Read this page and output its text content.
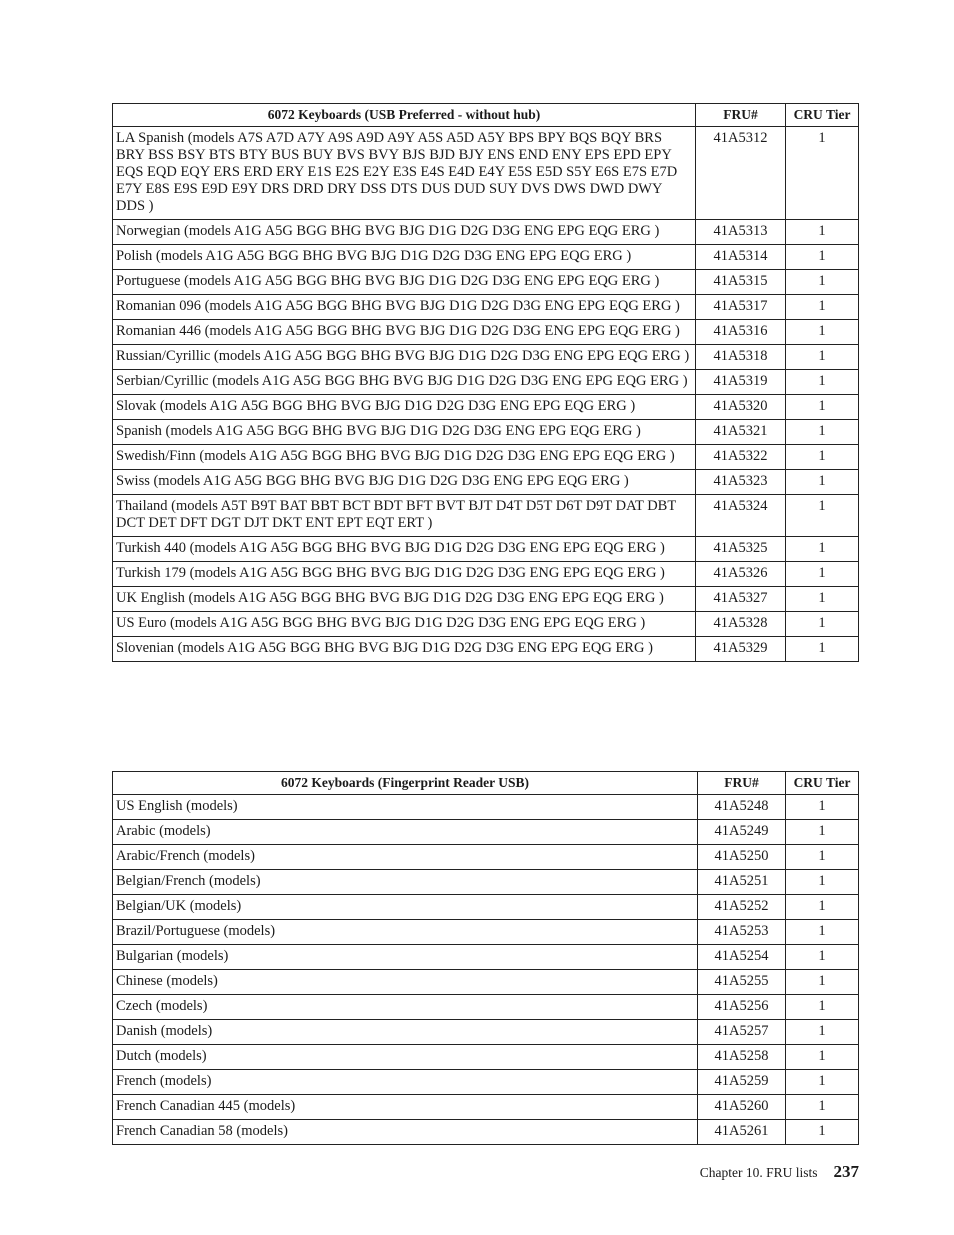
6072 Keyboards (USB Preferred - without hub)	FRU#	CRU Tier
LA Spanish (models A7S A7D A7Y A9S A9D A9Y A5S A5D A5Y BPS BPY BQS BQY BRS BRY BSS BSY BTS BTY BUS BUY BVS BVY BJS BJD BJY ENS END ENY EPS EPD EPY EQS EQD EQY ERS ERD ERY E1S E2S E2Y E3S E4S E4D E4Y E5S E5D S5Y E6S E7S E7D E7Y E8S E9S E9D E9Y DRS DRD DRY DSS DTS DUS DUD SUY DVS DWS DWD DWY DDS )	41A5312	1
Norwegian (models A1G A5G BGG BHG BVG BJG D1G D2G D3G ENG EPG EQG ERG )	41A5313	1
Polish (models A1G A5G BGG BHG BVG BJG D1G D2G D3G ENG EPG EQG ERG )	41A5314	1
Portuguese (models A1G A5G BGG BHG BVG BJG D1G D2G D3G ENG EPG EQG ERG )	41A5315	1
Romanian 096 (models A1G A5G BGG BHG BVG BJG D1G D2G D3G ENG EPG EQG ERG )	41A5317	1
Romanian 446 (models A1G A5G BGG BHG BVG BJG D1G D2G D3G ENG EPG EQG ERG )	41A5316	1
Russian/Cyrillic (models A1G A5G BGG BHG BVG BJG D1G D2G D3G ENG EPG EQG ERG )	41A5318	1
Serbian/Cyrillic (models A1G A5G BGG BHG BVG BJG D1G D2G D3G ENG EPG EQG ERG )	41A5319	1
Slovak (models A1G A5G BGG BHG BVG BJG D1G D2G D3G ENG EPG EQG ERG )	41A5320	1
Spanish (models A1G A5G BGG BHG BVG BJG D1G D2G D3G ENG EPG EQG ERG )	41A5321	1
Swedish/Finn (models A1G A5G BGG BHG BVG BJG D1G D2G D3G ENG EPG EQG ERG )	41A5322	1
Swiss (models A1G A5G BGG BHG BVG BJG D1G D2G D3G ENG EPG EQG ERG )	41A5323	1
Thailand (models A5T B9T BAT BBT BCT BDT BFT BVT BJT D4T D5T D6T D9T DAT DBT DCT DET DFT DGT DJT DKT ENT EPT EQT ERT )	41A5324	1
Turkish 440 (models A1G A5G BGG BHG BVG BJG D1G D2G D3G ENG EPG EQG ERG )	41A5325	1
Turkish 179 (models A1G A5G BGG BHG BVG BJG D1G D2G D3G ENG EPG EQG ERG )	41A5326	1
UK English (models A1G A5G BGG BHG BVG BJG D1G D2G D3G ENG EPG EQG ERG )	41A5327	1
US Euro (models A1G A5G BGG BHG BVG BJG D1G D2G D3G ENG EPG EQG ERG )	41A5328	1
Slovenian (models A1G A5G BGG BHG BVG BJG D1G D2G D3G ENG EPG EQG ERG )	41A5329	1
6072 Keyboards (Fingerprint Reader USB)	FRU#	CRU Tier
US English (models)	41A5248	1
Arabic (models)	41A5249	1
Arabic/French (models)	41A5250	1
Belgian/French (models)	41A5251	1
Belgian/UK (models)	41A5252	1
Brazil/Portuguese (models)	41A5253	1
Bulgarian (models)	41A5254	1
Chinese (models)	41A5255	1
Czech (models)	41A5256	1
Danish (models)	41A5257	1
Dutch (models)	41A5258	1
French (models)	41A5259	1
French Canadian 445 (models)	41A5260	1
French Canadian 58 (models)	41A5261	1
Chapter 10. FRU lists 237
